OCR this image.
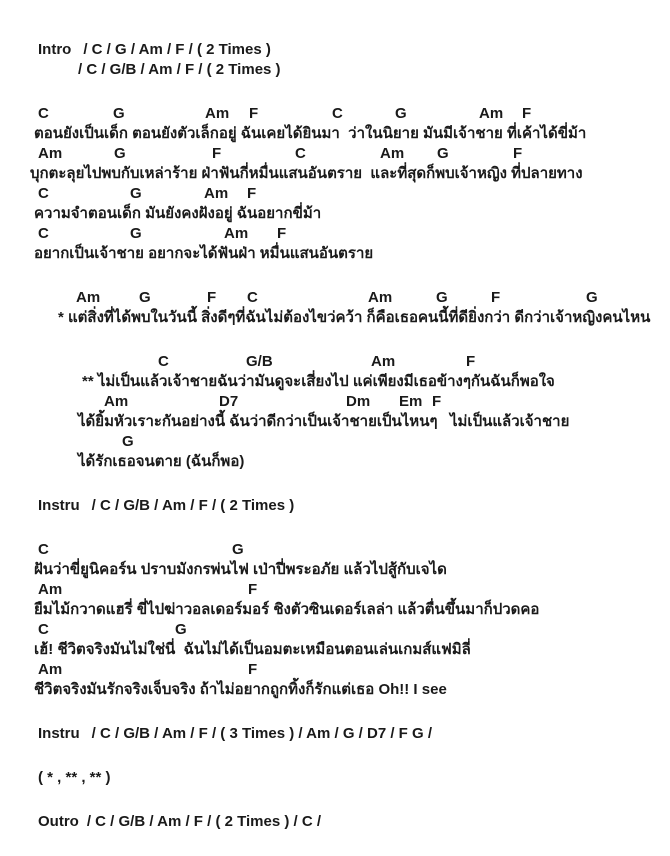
Intro / C / G / Am / F / ( 2 Times )
/ C / G/B / Am / F / ( 2 Times )
C	G	Am F	C	G	Am F
ตอนยังเป็นเด็ก ตอนยังตัวเล็กอยู่ ฉันเคยได้ยินมา  ว่าในนิยาย มันมีเจ้าชาย ที่เค้าได้ขี่ม้า
Am	G	F	C	Am G	F
บุกตะลุยไปพบกับเหล่าร้าย ฝ่าฟันกี่หมื่นแสนอันตราย  และที่สุดก็พบเจ้าหญิง ที่ปลายทาง
C	G	Am F
ความจำตอนเด็ก มันยังคงฝังอยู่ ฉันอยากขี่ม้า
C	G	Am F
อยากเป็นเจ้าชาย อยากจะได้ฟันฝ่า หมื่นแสนอันตราย
Am	G	F C	Am	G	F	G
* แต่สิ่งที่ได้พบในวันนี้ สิ่งดีๆที่ฉันไม่ต้องไขว่คว้า ก็คือเธอคนนี้ที่ดียิ่งกว่า ดีกว่าเจ้าหญิงคนไหน
C	G/B	Am	F
** ไม่เป็นแล้วเจ้าชายฉันว่ามันดูจะเสี่ยงไป แค่เพียงมีเธอข้างๆกันฉันก็พอใจ
Am	D7	Dm Em F
ได้ยิ้มหัวเราะกันอย่างนี้ ฉันว่าดีกว่าเป็นเจ้าชายเป็นไหนๆ   ไม่เป็นแล้วเจ้าชาย
G
ได้รักเธอจนตาย (ฉันก็พอ)
Instru / C / G/B / Am / F / ( 2 Times )
C	G
ฝันว่าขี่ยูนิคอร์น ปราบมังกรพ่นไฟ เป่าปี่พระอภัย แล้วไปสู้กับเจได
Am	F
ยืมไม้กวาดแฮรี่ ขี่ไปฆ่าวอลเดอร์มอร์ ชิงตัวซินเดอร์เลล่า แล้วตื่นขึ้นมาก็ปวดคอ
C	G
เฮ้! ชีวิตจริงมันไม่ใช่นี่  ฉันไม่ได้เป็นอมตะเหมือนตอนเล่นเกมส์แฟมิลี่
Am	F
ชีวิตจริงมันรักจริงเจ็บจริง ถ้าไม่อยากถูกทิ้งก็รักแต่เธอ Oh!! I see
Instru / C / G/B / Am / F / ( 3 Times ) / Am / G / D7 / F G /
( * , ** , ** )
Outro / C / G/B / Am / F / ( 2 Times ) / C /
